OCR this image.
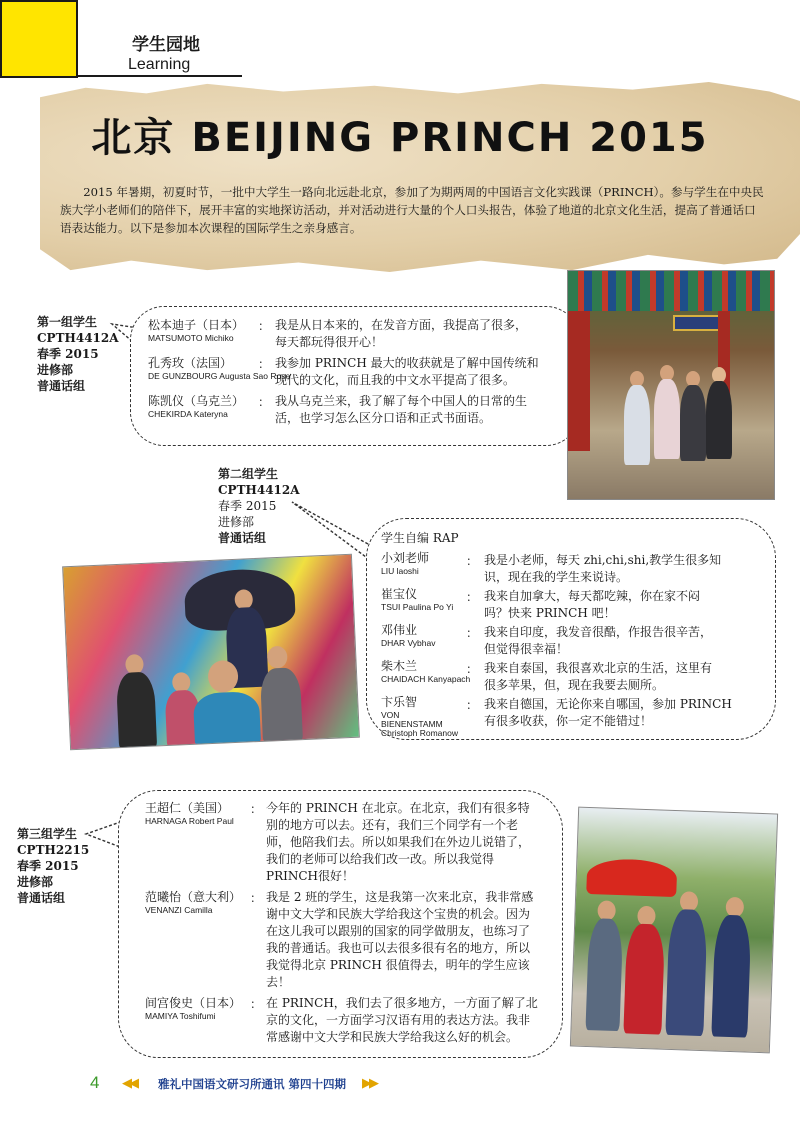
学生园地
Learning
北京 BEIJING PRINCH 2015

2015 年暑期，初夏时节，一批中大学生一路向北远赴北京，参加了为期两周的中国语言文化实践课（PRINCH）。参与学生在中央民族大学小老师们的陪伴下，展开丰富的实地探访活动，并对活动进行大量的个人口头报告，体验了地道的北京文化生活，提高了普通话口语表达能力。以下是参加本次课程的国际学生之亲身感言。

第一组学生
CPTH4412A
春季 2015
进修部
普通话组
松本迪子（日本）
MATSUMOTO Michiko
： 我是从日本来的，在发音方面，我提高了很多，
每天都玩得很开心！
孔秀玫（法国）
DE GUNZBOURG Augusta Sao Rose
： 我参加 PRINCH 最大的收获就是了解中国传统和
现代的文化，而且我的中文水平提高了很多。
陈凯仪（乌克兰）
CHEKIRDA Kateryna
： 我从乌克兰来，我了解了每个中国人的日常的生
活，也学习怎么区分口语和正式书面语。
第二组学生
CPTH4412A
春季 2015
进修部
普通话组	学生自编 RAP
小刘老师
LIU laoshi
： 我是小老师，每天 zhi,chi,shi,教学生很多知
识，现在我的学生来说诗。
崔宝仪
TSUI Paulina Po Yi
： 我来自加拿大，每天都吃辣，你在家不闷
吗？快来 PRINCH 吧！
邓伟业
DHAR Vybhav
： 我来自印度，我发音很酷，作报告很辛苦，
但觉得很幸福！
柴木兰
CHAIDACH Kanyapach
： 我来自泰国，我很喜欢北京的生活，这里有
很多苹果，但，现在我要去厕所。
卞乐智
VON BIENENSTAMM Christoph Romanow
： 我来自德国，无论你来自哪国，参加 PRINCH
有很多收获，你一定不能错过！
第三组学生
CPTH2215
春季 2015
进修部
普通话组
王超仁（美国）
HARNAGA Robert Paul
： 今年的 PRINCH 在北京。在北京，我们有很多特
别的地方可以去。还有，我们三个同学有一个老
师，他陪我们去。所以如果我们在外边儿说错了，
我们的老师可以给我们改一改。所以我觉得
PRINCH很好！
范曦怡（意大利）
VENANZI Camilla
： 我是 2 班的学生，这是我第一次来北京，我非常感
谢中文大学和民族大学给我这个宝贵的机会。因为
在这儿我可以跟别的国家的同学做朋友，也练习了
我的普通话。我也可以去很多很有名的地方，所以
我觉得北京 PRINCH 很值得去，明年的学生应该
去！
间宫俊史（日本）
MAMIYA Toshifumi
： 在 PRINCH，我们去了很多地方，一方面了解了北
京的文化，一方面学习汉语有用的表达方法。我非
常感谢中文大学和民族大学给我这么好的机会。
4 ◀◀ 雅礼中国语文研习所通讯 第四十四期 ▶▶
